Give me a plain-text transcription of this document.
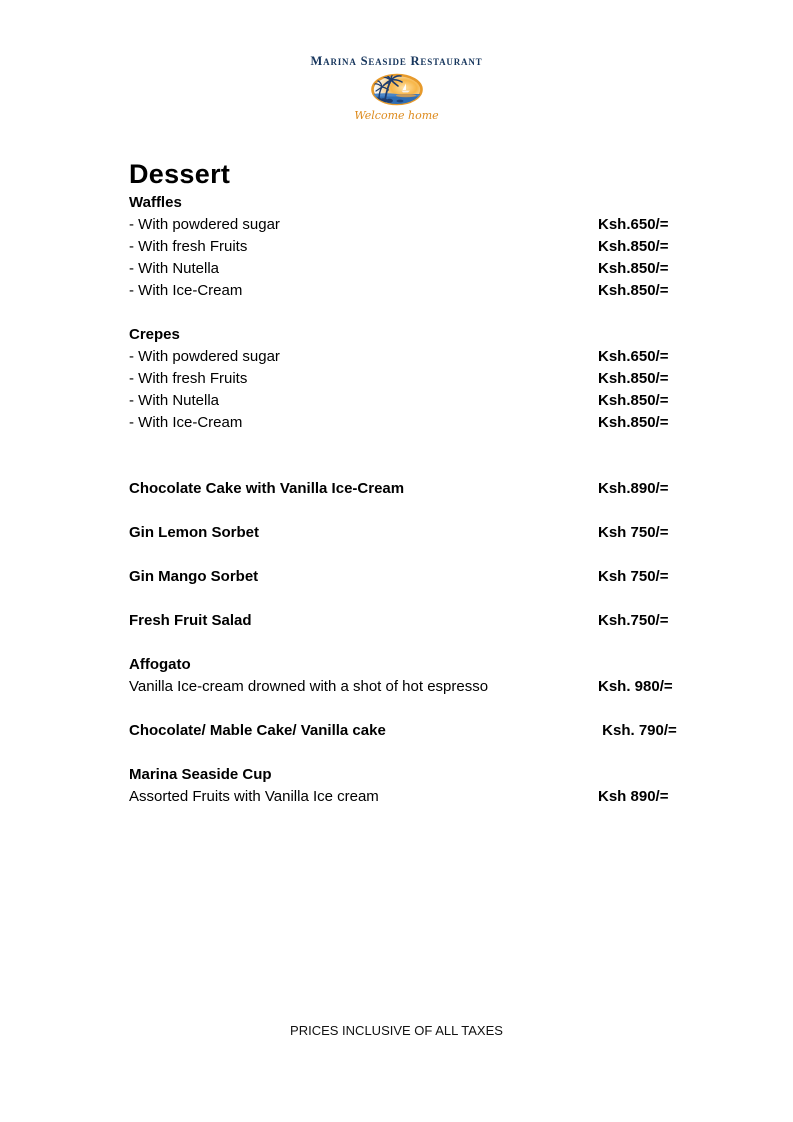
Marina Seaside Restaurant
Welcome home
Dessert
Waffles
- With powdered sugar	Ksh.650/=
- With fresh Fruits	Ksh.850/=
- With Nutella	Ksh.850/=
- With Ice-Cream	Ksh.850/=
Crepes
- With powdered sugar	Ksh.650/=
- With fresh Fruits	Ksh.850/=
- With Nutella	Ksh.850/=
- With Ice-Cream	Ksh.850/=
Chocolate Cake with Vanilla Ice-Cream	Ksh.890/=
Gin Lemon Sorbet	Ksh 750/=
Gin Mango Sorbet	Ksh 750/=
Fresh Fruit Salad	Ksh.750/=
Affogato
Vanilla Ice-cream drowned with a shot of hot espresso	Ksh. 980/=
Chocolate/ Mable Cake/ Vanilla cake	Ksh. 790/=
Marina Seaside Cup
Assorted Fruits with Vanilla Ice cream	Ksh 890/=
PRICES INCLUSIVE OF ALL TAXES
